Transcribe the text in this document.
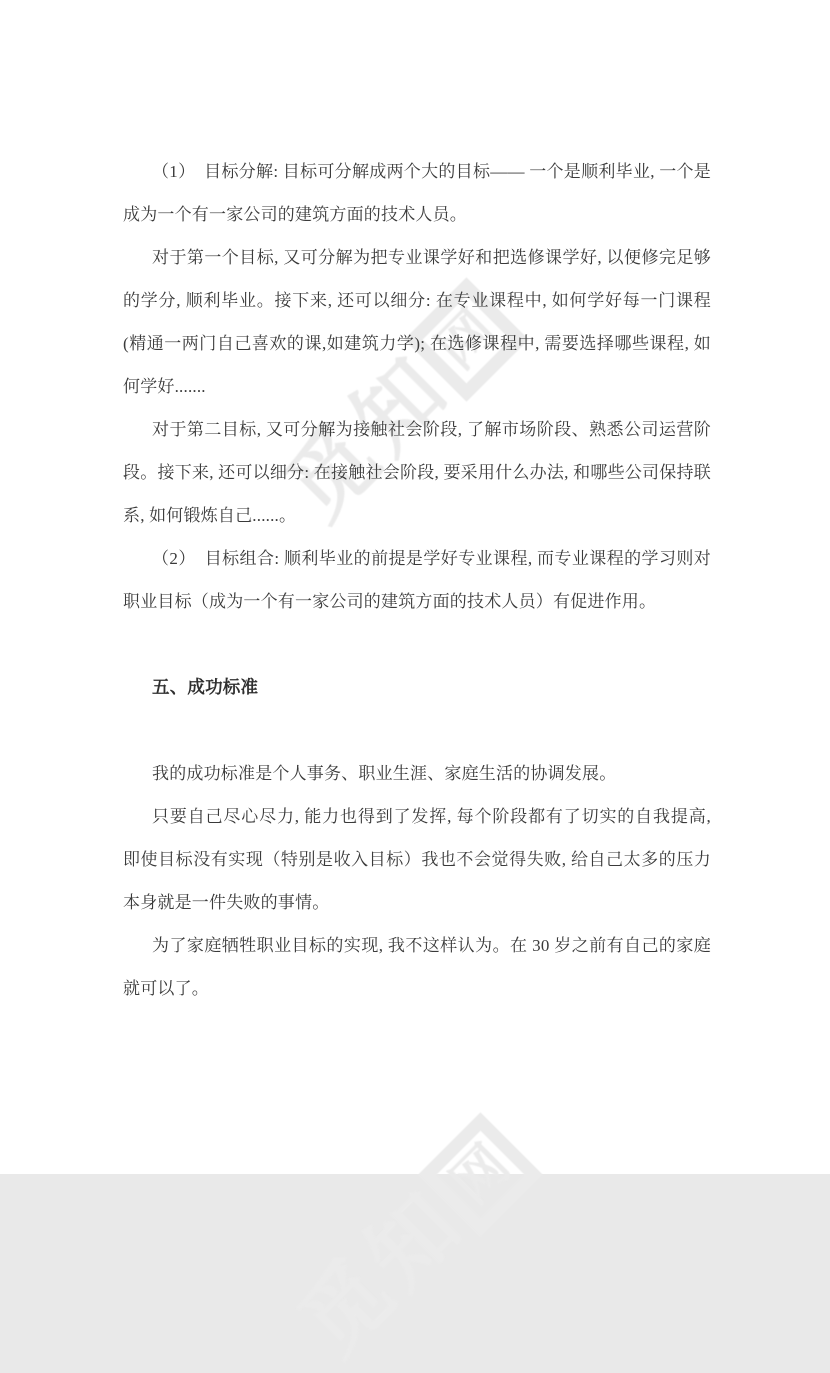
觅
知
网
觅
知
网

（1）　目标分解: 目标可分解成两个大的目标—— 一个是顺利毕业, 一个是成为一个有一家公司的建筑方面的技术人员。

对于第一个目标, 又可分解为把专业课学好和把选修课学好, 以便修完足够的学分, 顺利毕业。接下来, 还可以细分: 在专业课程中, 如何学好每一门课程(精通一两门自己喜欢的课,如建筑力学); 在选修课程中, 需要选择哪些课程, 如何学好.......

对于第二目标, 又可分解为接触社会阶段, 了解市场阶段、熟悉公司运营阶段。接下来, 还可以细分: 在接触社会阶段, 要采用什么办法, 和哪些公司保持联系, 如何锻炼自己......。

（2）　目标组合: 顺利毕业的前提是学好专业课程, 而专业课程的学习则对职业目标（成为一个有一家公司的建筑方面的技术人员）有促进作用。

五、成功标准

我的成功标准是个人事务、职业生涯、家庭生活的协调发展。

只要自己尽心尽力, 能力也得到了发挥, 每个阶段都有了切实的自我提高, 即使目标没有实现（特别是收入目标）我也不会觉得失败, 给自己太多的压力本身就是一件失败的事情。

为了家庭牺牲职业目标的实现, 我不这样认为。在 30 岁之前有自己的家庭就可以了。
